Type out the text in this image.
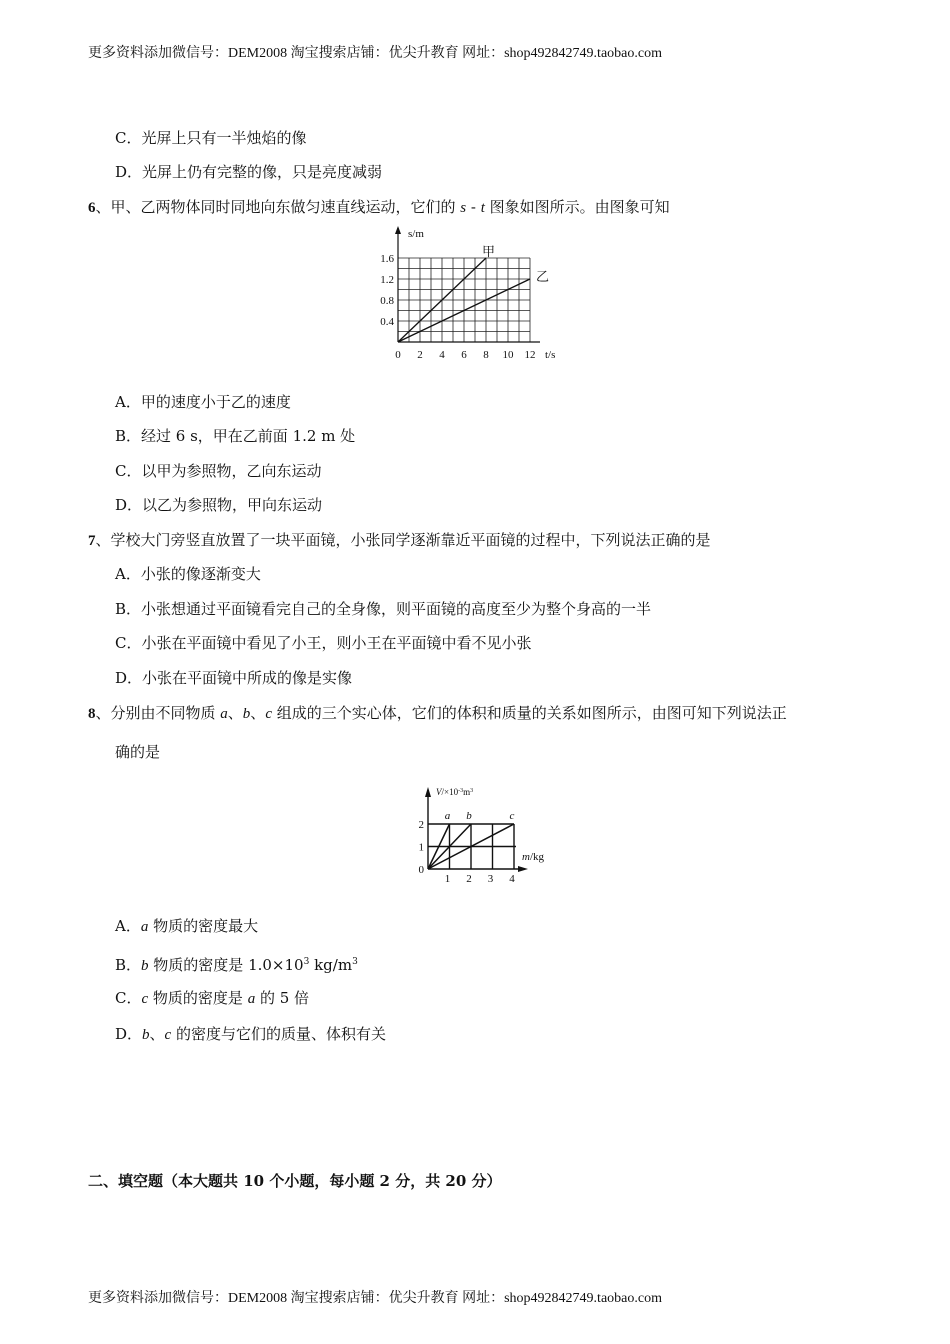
更多资料添加微信号：DEM2008 淘宝搜索店铺：优尖升教育 网址：shop492842749.taobao.com
C．光屏上只有一半烛焰的像
D．光屏上仍有完整的像，只是亮度减弱
6、甲、乙两物体同时同地向东做匀速直线运动，它们的 s - t 图象如图所示。由图象可知
甲
乙
0 2 4 6 8 10 12
0.4
0.8
1.2
1.6
s/m
t/s
A．甲的速度小于乙的速度
B．经过 6 s，甲在乙前面 1.2 m 处
C．以甲为参照物，乙向东运动
D．以乙为参照物，甲向东运动
7、学校大门旁竖直放置了一块平面镜，小张同学逐渐靠近平面镜的过程中，下列说法正确的是
A．小张的像逐渐变大
B．小张想通过平面镜看完自己的全身像，则平面镜的高度至少为整个身高的一半
C．小张在平面镜中看见了小王，则小王在平面镜中看不见小张
D．小张在平面镜中所成的像是实像
8、分别由不同物质 a、b、c 组成的三个实心体，它们的体积和质量的关系如图所示，由图可知下列说法正
确的是
a b	c
1 2 3 4
1
2
0
$V/\times 10^{-3}m^3$
m/kg
A．a 物质的密度最大
B．b 物质的密度是 $1.0\times 10^3$ $kg/m^3$
C．c 物质的密度是 a 的 5 倍
D．b、c 的密度与它们的质量、体积有关
二、填空题（本大题共 10 个小题，每小题 2 分，共 20 分）
更多资料添加微信号：DEM2008 淘宝搜索店铺：优尖升教育 网址：shop492842749.taobao.com
